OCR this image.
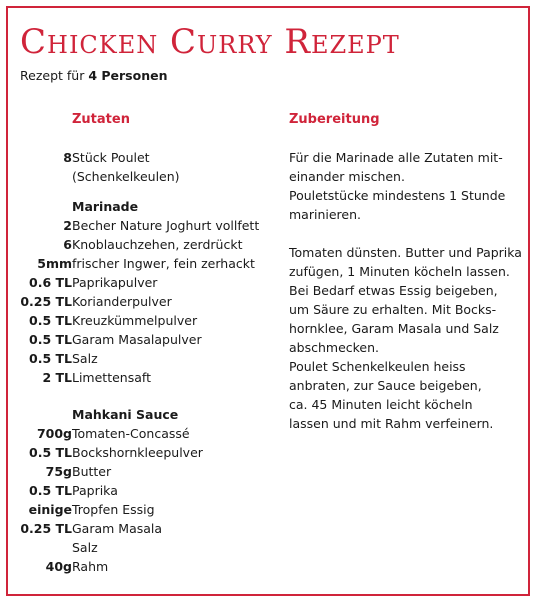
Chicken Curry Rezept
Rezept für 4 Personen
Zutaten	Zubereitung
8 Stück Poulet
(Schenkelkeulen)
Marinade
2 Becher Nature Joghurt vollfett
6 Knoblauchzehen, zerdrückt
5mm frischer Ingwer, fein zerhackt
0.6 TL Paprikapulver
0.25 TL Korianderpulver
0.5 TL Kreuzkümmelpulver
0.5 TL Garam Masalapulver
0.5 TL Salz
2 TL Limettensaft
Mahkani Sauce
700g Tomaten-Concassé
0.5 TL Bockshornkleepulver
75g Butter
0.5 TL Paprika
einige Tropfen Essig
0.25 TL Garam Masala
Salz
40g Rahm
Für die Marinade alle Zutaten mit-
einander mischen.
Pouletstücke mindestens 1 Stunde
marinieren.
Tomaten dünsten. Butter und Paprika
zufügen, 1 Minuten köcheln lassen.
Bei Bedarf etwas Essig beigeben,
um Säure zu erhalten. Mit Bocks-
hornklee, Garam Masala und Salz
abschmecken.
Poulet Schenkelkeulen heiss
anbraten, zur Sauce beigeben,
ca. 45 Minuten leicht köcheln
lassen und mit Rahm verfeinern.
